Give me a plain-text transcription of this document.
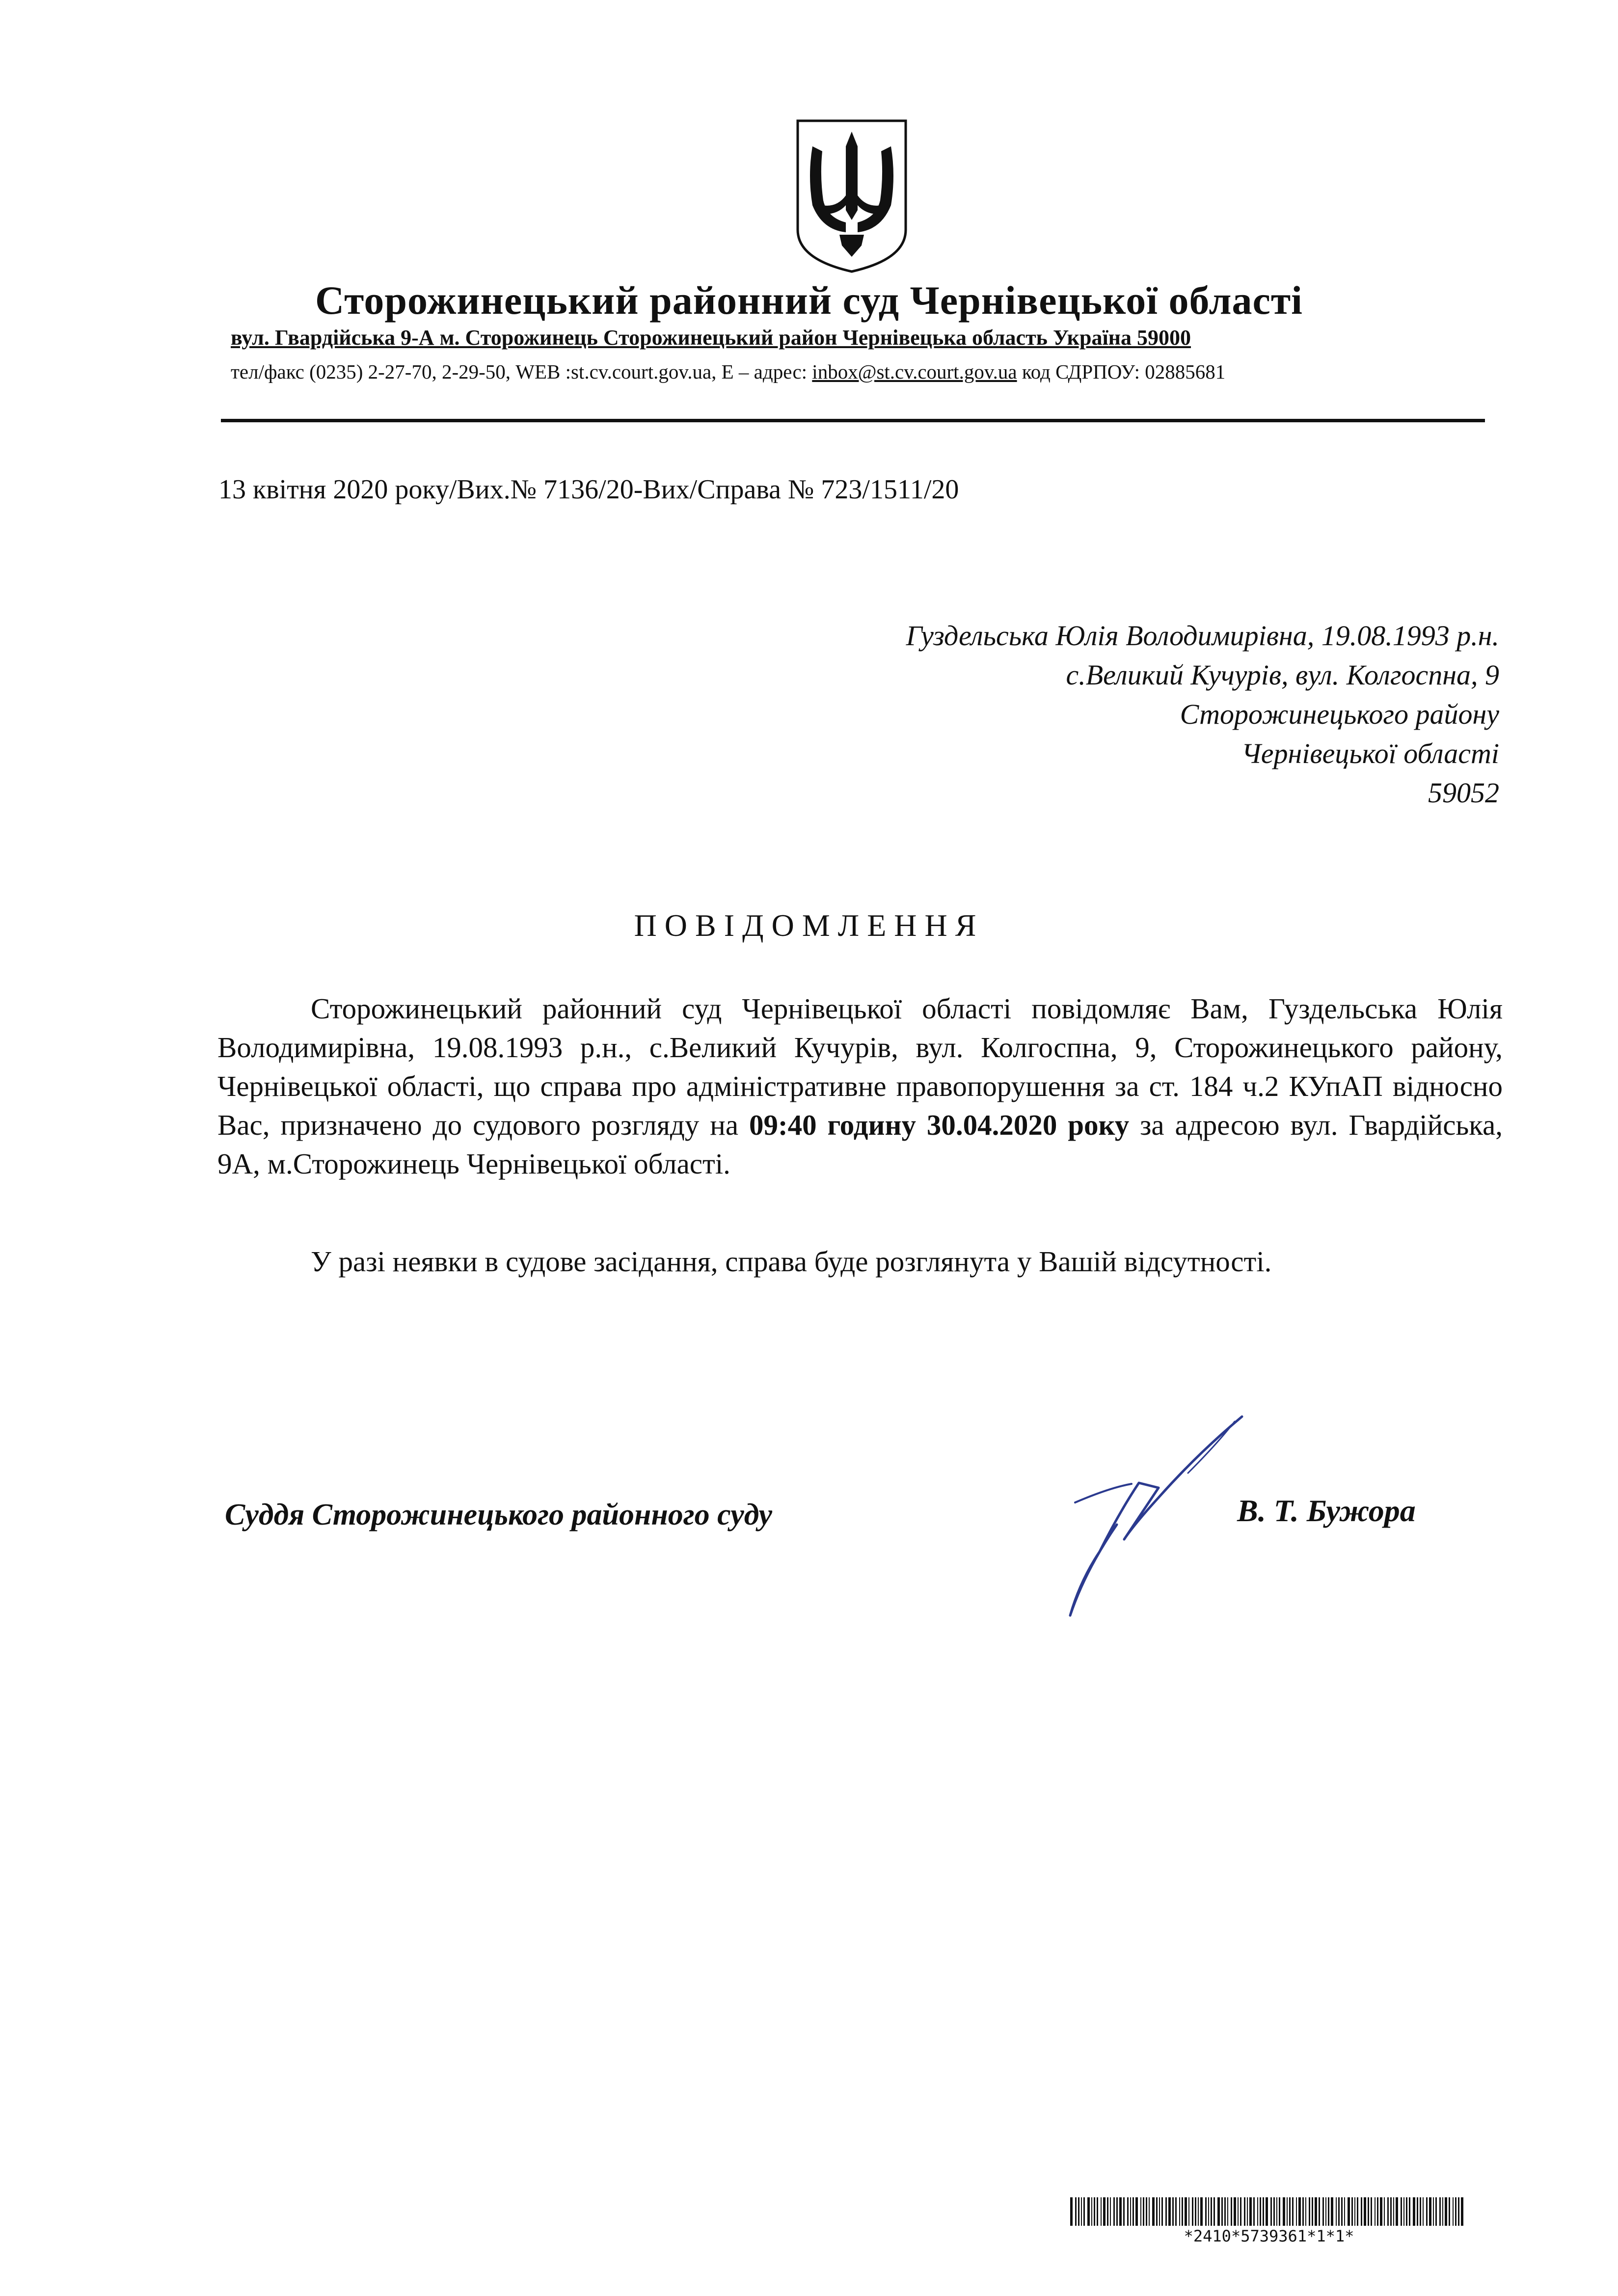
Сторожинецький районний суд Чернівецької області
вул. Гвардійська 9-А м. Сторожинець Сторожинецький район Чернівецька область Україна 59000
тел/факс (0235) 2-27-70, 2-29-50, WEB :st.cv.court.gov.ua, E – адрес: inbox@st.cv.court.gov.ua код СДРПОУ: 02885681
13 квітня 2020 року/Вих.№ 7136/20-Вих/Справа № 723/1511/20
Гуздельська Юлія Володимирівна, 19.08.1993 р.н.
с.Великий Кучурів, вул. Колгоспна, 9
Сторожинецького району
Чернівецької області
59052
ПОВІДОМЛЕННЯ

Сторожинецький районний суд Чернівецької області повідомляє Вам, Гуздельська Юлія Володимирівна, 19.08.1993 р.н., с.Великий Кучурів, вул. Колгоспна, 9, Сторожинецького району, Чернівецької області, що справа про адміністративне правопорушення за ст. 184 ч.2 КУпАП відносно Вас, призначено до судового розгляду на 09:40 годину 30.04.2020 року за адресою вул. Гвардійська, 9А, м.Сторожинець Чернівецької області.

У разі неявки в судове засідання, справа буде розглянута у Вашій відсутності.

Суддя Сторожинецького районного суду	В. Т. Бужора
*2410*5739361*1*1*
